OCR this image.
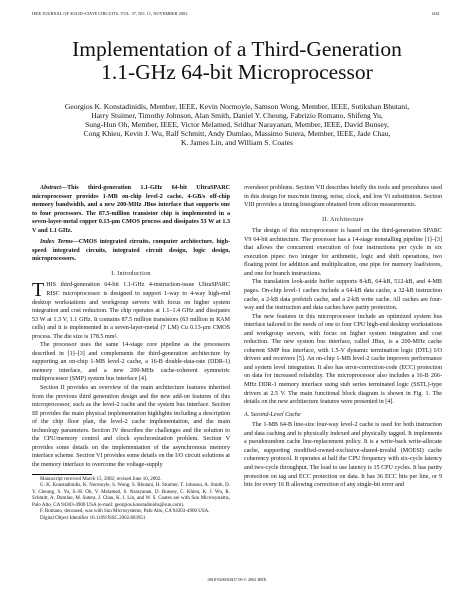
IEEE JOURNAL OF SOLID-STATE CIRCUITS, VOL. 37, NO. 11, NOVEMBER 2002	1461
Implementation of a Third-Generation
1.1-GHz 64-bit Microprocessor
Georgios K. Konstadinidis, Member, IEEE, Kevin Normoyle, Samson Wong, Member, IEEE, Sutikshan Bhutani,
Harry Stuimer, Timothy Johnson, Alan Smith, Daniel Y. Cheung, Fabrizio Romano, Shifeng Yu,
Sung-Hun Oh, Member, IEEE, Victor Melamed, Sridhar Narayanan, Member, IEEE, David Bunsey,
Cong Khieu, Kevin J. Wu, Ralf Schmitt, Andy Dumlao, Massimo Sutera, Member, IEEE, Jade Chau,
K. James Lin, and William S. Coates

Abstract—This third-generation 1.1-GHz 64-bit UltraSPARC microprocessor provides 1-MB on-chip level-2 cache, 4-GB/s off-chip memory bandwidth, and a new 200-MHz JBus interface that supports one to four processors. The 87.5-million transistor chip is implemented in a seven-layer-metal copper 0.13-μm CMOS process and dissipates 53 W at 1.3 V and 1.1 GHz.

Index Terms—CMOS integrated circuits, computer architecture, high-speed integrated circuits, integrated circuit design, logic design, microprocessors.

I. Introduction

THIS third-generation 64-bit 1.1-GHz 4-instruction-issue UltraSPARC RISC microprocessor is designed to support 1-way to 4-way high-end desktop workstations and workgroup servers with focus on higher system integration and cost reduction. The chip operates at 1.1–1.4 GHz and dissipates 53 W at 1.3 V, 1.1 GHz. It contains 87.5 million transistors (63 million in RAM cells) and it is implemented in a seven-layer-metal (7 LM) Cu 0.13-μm CMOS process. The die size is 178.5 mm².

The processor uses the same 14-stage core pipeline as the processors described in [1]–[3] and complements the third-generation architecture by supporting an on-chip 1-MB level-2 cache, a 16-B double-data-rate (DDR-1) memory interface, and a new 200-MHz cache-coherent symmetric multiprocessor (SMP) system bus interface [4].

Section II provides an overview of the main architecture features inherited from the previous third generation design and the new add-on features of this microprocessor, such as the level-2 cache and the system bus interface. Section III provides the main physical implementation highlights including a description of the chip floor plan, the level-2 cache implementation, and the main technology parameters. Section IV describes the challenges and the solution to the CPU/memory control and clock synchronization problem. Section V provides some details on the implementation of the asynchronous memory interface scheme. Section VI provides some details on the I/O circuit solutions at the memory interface to overcome the voltage-supply

Manuscript received March 15, 2002; revised June 10, 2002.

G. K. Konstadinidis, K. Normoyle, S. Wong, S. Bhutani, H. Stuimer, T. Johnson, A. Smith, D. Y. Cheung, S. Yu, S.-H. Oh, V. Melamed, S. Narayanan, D. Bunsey, C. Khieu, K. J. Wu, R. Schmitt, A. Dumlao, M. Sutera, J. Chau, K. J. Lin, and W. S. Coates are with Sun Microsystems, Palo Alto, CA 94303-4900 USA (e-mail: georgios.konstadinidis@sun.com).

F. Romano, deceased, was with Sun Microsystems, Palo Alto, CA 94303-4900 USA.

Digital Object Identifier 10.1109/JSSC.2002.803951

overshoot problems. Section VII describes briefly the tools and procedures used in this design for max/min timing, noise, clock, and low Vt substitution. Section VIII provides a timing histogram obtained from silicon measurements.

II. Architecture

The design of this microprocessor is based on the third-generation SPARC V9 64-bit architecture. The processor has a 14-stage nonstalling pipeline [1]–[3] that allows the concurrent execution of four instructions per cycle in six execution pipes: two integer for arithmetic, logic and shift operations, two floating point for addition and multiplication, one pipe for memory load/stores, and one for branch instructions.

The translation look-aside buffer supports 8-kB, 64-kB, 512-kB, and 4-MB pages. On-chip level-1 caches include a 64-kB data cache, a 32-kB instruction cache, a 2-kB data prefetch cache, and a 2-kB write cache. All caches are four-way and the instruction and data caches have parity protection.

The new features in this microprocessor include an optimized system bus interface tailored to the needs of one to four CPU high-end desktop workstations and workgroup servers, with focus on higher system integration and cost reduction. The new system bus interface, called JBus, is a 200-MHz cache coherent SMP bus interface, with 1.5-V dynamic termination logic (DTL) I/O drivers and receivers [5]. An on-chip 1-MB level-2 cache improves performance and system level integration. It also has error-correction-code (ECC) protection on data for increased reliability. The microprocessor also includes a 16-B 266-MHz DDR-1 memory interface using stub series terminated logic (SSTL)-type drivers at 2.5 V. The main functional block diagram is shown in Fig. 1. The details on the new architecture features were presented in [4].

A. Second-Level Cache

The 1-MB 64-B line-size four-way level-2 cache is used for both instruction and data caching and is physically indexed and physically tagged. It implements a pseudorandom cache line-replacement policy. It is a write-back write-allocate cache, supporting modified-owned-exclusive-shared-invalid (MOESI) cache coherency protocol. It operates at half the CPU frequency with six-cycle latency and two-cycle throughput. The load to use latency is 15 CPU cycles. It has parity protection on tag and ECC protection on data. It has 36 ECC bits per line, or 9 bits for every 16 B allowing correction of any single-bit error and

0018-9200/02$17.00 © 2002 IEEE
